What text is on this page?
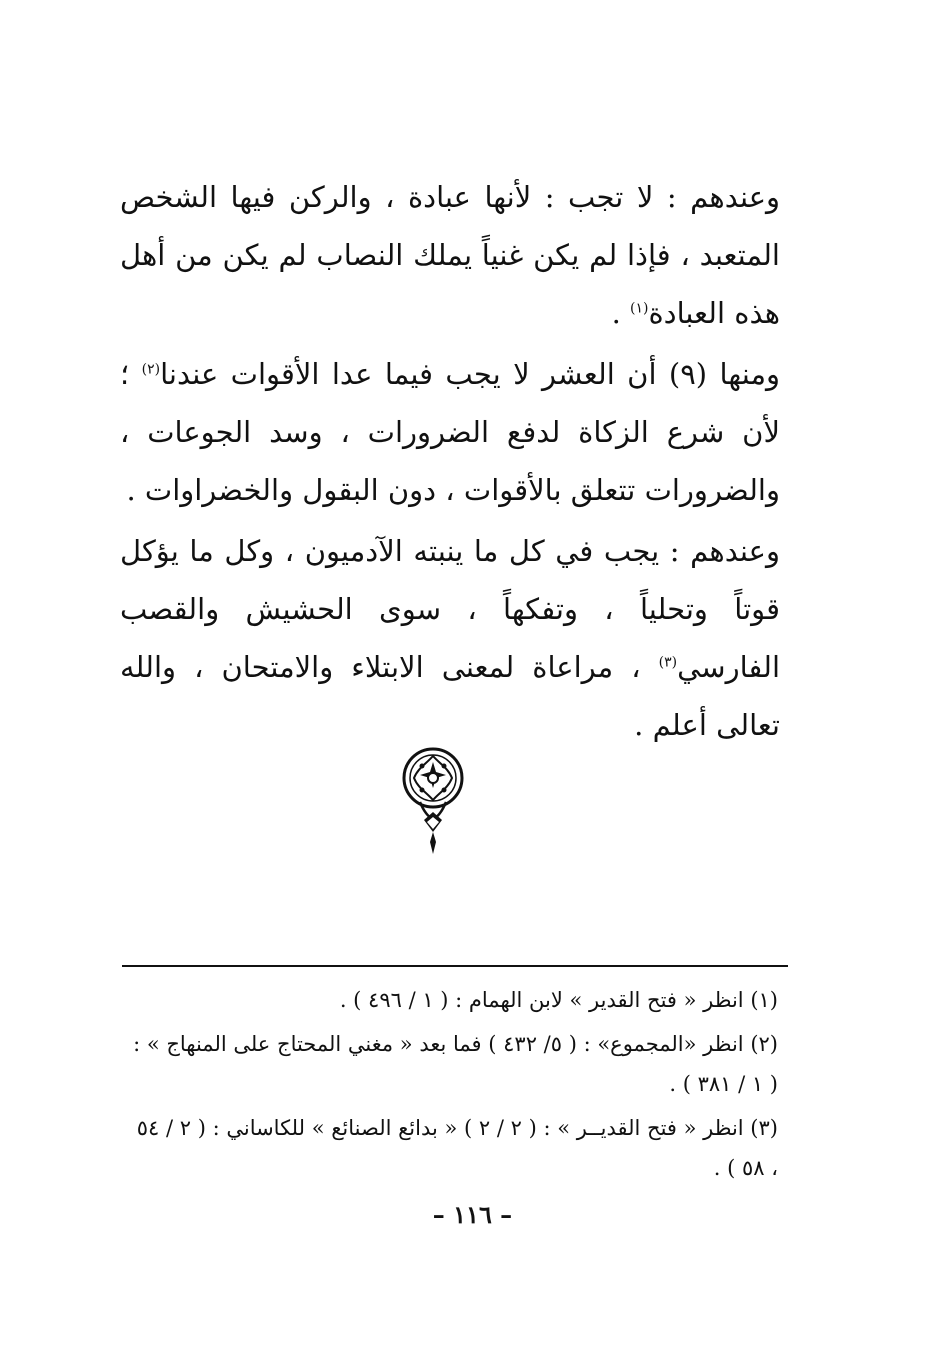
وعندهم : لا تجب : لأنها عبادة ، والركن فيها الشخص المتعبد ، فإذا لم يكن غنياً يملك النصاب لم يكن من أهل هذه العبادة$^{(١)}$ .

ومنها (٩) أن العشر لا يجب فيما عدا الأقوات عندنا$^{(٢)}$ ؛ لأن شرع الزكاة لدفع الضرورات ، وسد الجوعات ، والضرورات تتعلق بالأقوات ، دون البقول والخضراوات .

وعندهم : يجب في كل ما ينبته الآدميون ، وكل ما يؤكل قوتاً وتحلياً ، وتفكهاً ، سوى الحشيش والقصب الفارسي$^{(٣)}$ ، مراعاة لمعنى الابتلاء والامتحان ، والله تعالى أعلم .

(١) انظر « فتح القدير » لابن الهمام : ( ١ / ٤٩٦ ) .

(٢) انظر «المجموع» : ( ٥/ ٤٣٢ ) فما بعد « مغني المحتاج على المنهاج » : ( ١ / ٣٨١ ) .

(٣) انظر « فتح القديــر » : ( ٢ / ٢ ) « بدائع الصنائع » للكاساني : ( ٢ / ٥٤ ، ٥٨ ) .

– ١١٦ –
